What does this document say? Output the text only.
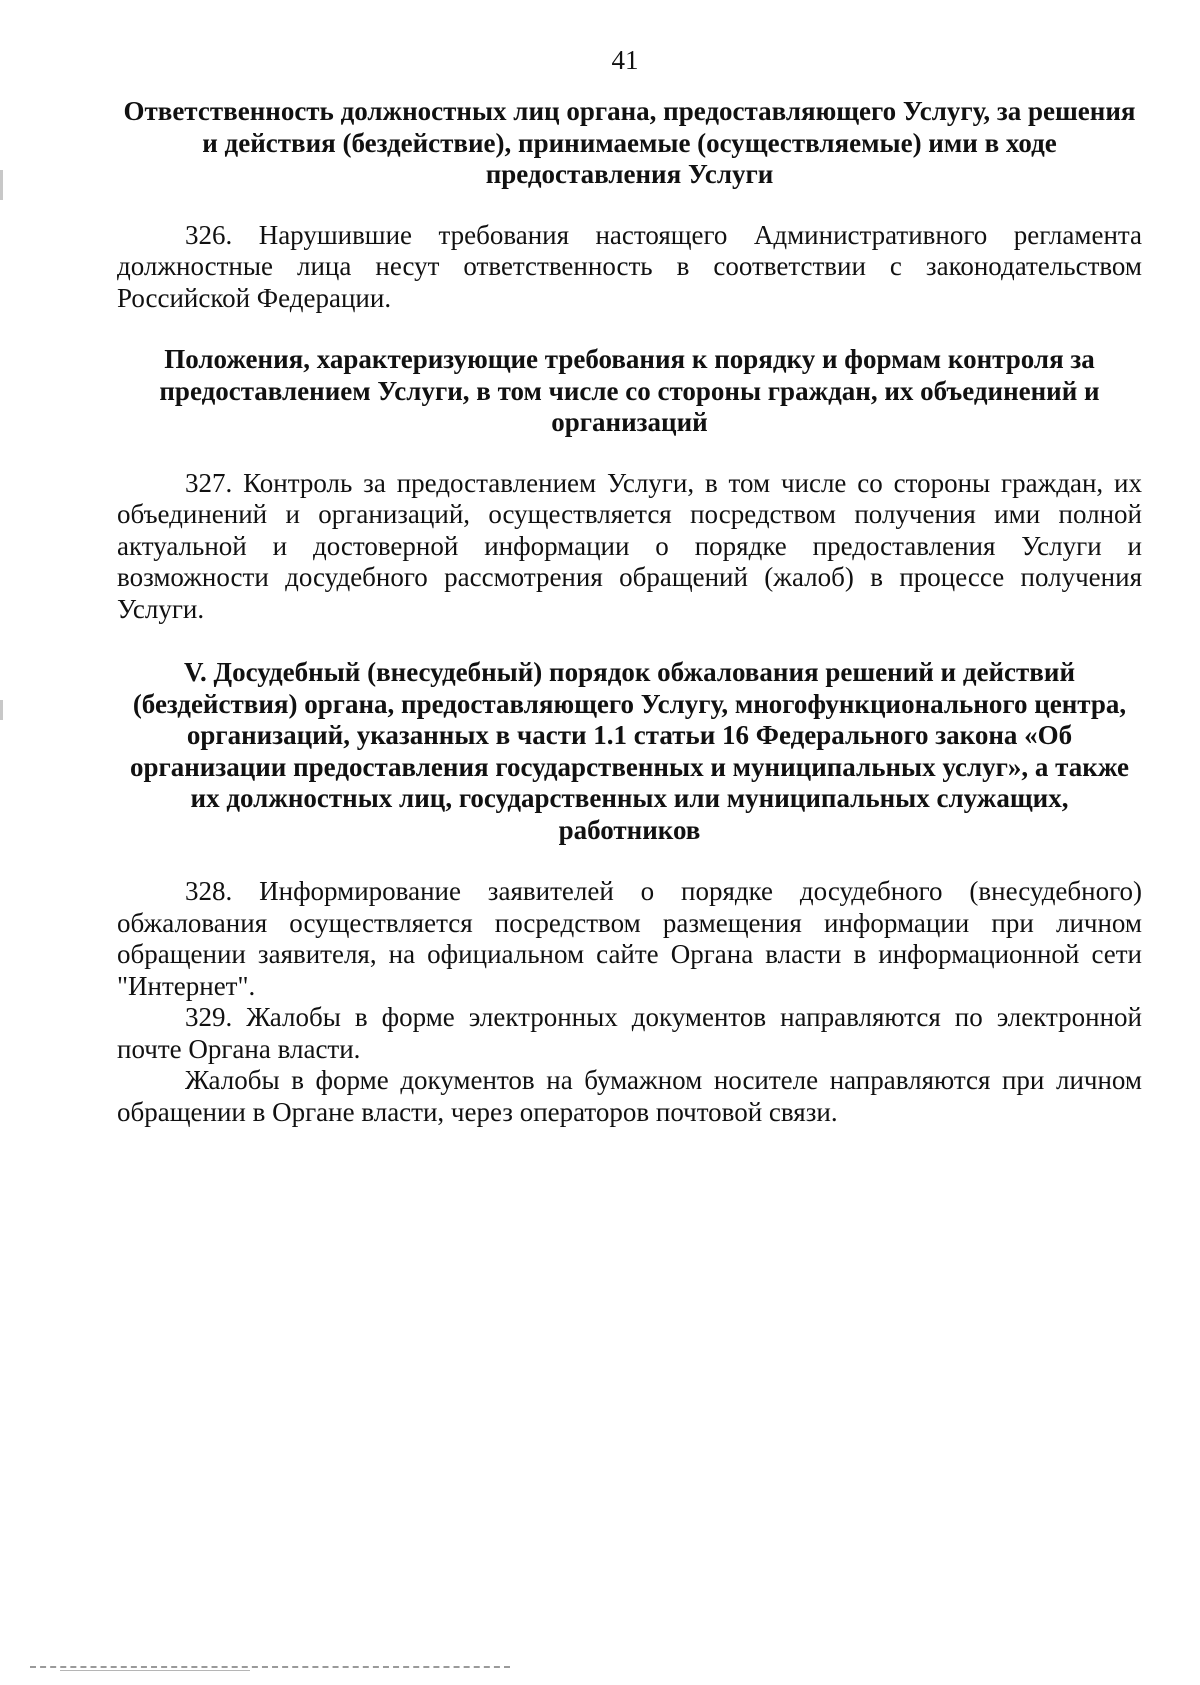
41

Ответственность должностных лиц органа, предоставляющего Услугу, за решения и действия (бездействие), принимаемые (осуществляемые) ими в ходе предоставления Услуги

326. Нарушившие требования настоящего Административного регламента должностные лица несут ответственность в соответствии с законодательством Российской Федерации.

Положения, характеризующие требования к порядку и формам контроля за предоставлением Услуги, в том числе со стороны граждан, их объединений и организаций

327. Контроль за предоставлением Услуги, в том числе со стороны граждан, их объединений и организаций, осуществляется посредством получения ими полной актуальной и достоверной информации о порядке предоставления Услуги и возможности досудебного рассмотрения обращений (жалоб) в процессе получения Услуги.

V. Досудебный (внесудебный) порядок обжалования решений и действий (бездействия) органа, предоставляющего Услугу, многофункционального центра, организаций, указанных в части 1.1 статьи 16 Федерального закона «Об организации предоставления государственных и муниципальных услуг», а также их должностных лиц, государственных или муниципальных служащих, работников

328. Информирование заявителей о порядке досудебного (внесудебного) обжалования осуществляется посредством размещения информации при личном обращении заявителя, на официальном сайте Органа власти в информационной сети "Интернет".

329. Жалобы в форме электронных документов направляются по электронной почте Органа власти.

Жалобы в форме документов на бумажном носителе направляются при личном обращении в Органе власти, через операторов почтовой связи.
